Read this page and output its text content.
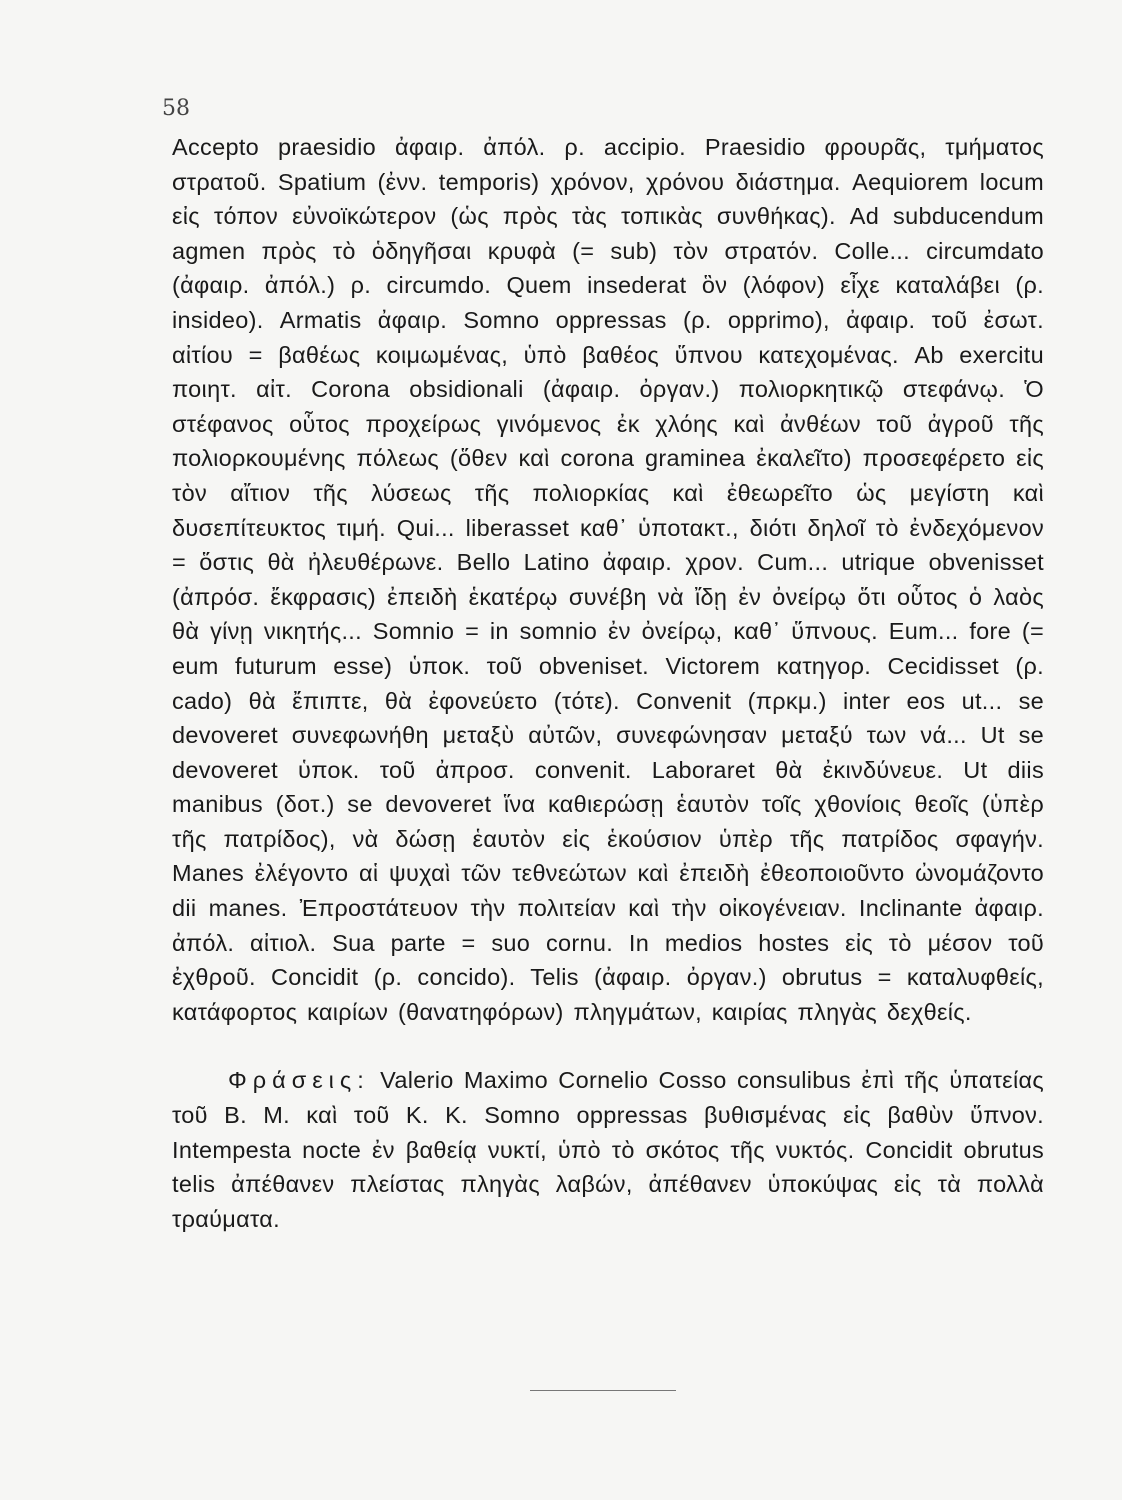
58

Accepto praesidio ἀφαιρ. ἀπόλ. ρ. accipio. Praesidio φρουρᾶς, τμήματος στρατοῦ. Spatium (ἐνν. temporis) χρόνον, χρόνου διάστημα. Aequiorem locum εἰς τόπον εὐνοϊκώτερον (ὡς πρὸς τὰς τοπικὰς συνθήκας). Ad subducendum agmen πρὸς τὸ ὁδηγῆσαι κρυφὰ (= sub) τὸν στρατόν. Colle... circumdato (ἀφαιρ. ἀπόλ.) ρ. circumdo. Quem insederat ὃν (λόφον) εἶχε καταλάβει (ρ. insideo). Armatis ἀφαιρ. Somno oppressas (ρ. opprimo), ἀφαιρ. τοῦ ἐσωτ. αἰτίου = βαθέως κοιμωμένας, ὑπὸ βαθέος ὕπνου κατεχομένας. Ab exercitu ποιητ. αἰτ. Corona obsidionali (ἀφαιρ. ὀργαν.) πολιορκητικῷ στεφάνῳ. Ὁ στέφανος οὗτος προχείρως γινόμενος ἐκ χλόης καὶ ἀνθέων τοῦ ἀγροῦ τῆς πολιορκουμένης πόλεως (ὅθεν καὶ corona graminea ἐκαλεῖτο) προσεφέρετο εἰς τὸν αἴτιον τῆς λύσεως τῆς πολιορκίας καὶ ἐθεωρεῖτο ὡς μεγίστη καὶ δυσεπίτευκτος τιμή. Qui... liberasset καθ᾿ ὑποτακτ., διότι δηλοῖ τὸ ἐνδεχόμενον = ὅστις θὰ ἠλευθέρωνε. Bello Latino ἀφαιρ. χρον. Cum... utrique obvenisset (ἀπρόσ. ἔκφρασις) ἐπειδὴ ἑκατέρῳ συνέβη νὰ ἴδῃ ἐν ὀνείρῳ ὅτι οὗτος ὁ λαὸς θὰ γίνῃ νικητής... Somnio = in somnio ἐν ὀνείρῳ, καθ᾿ ὕπνους. Eum... fore (= eum futurum esse) ὑποκ. τοῦ obveniset. Victorem κατηγορ. Cecidisset (ρ. cado) θὰ ἔπιπτε, θὰ ἐφονεύετο (τότε). Convenit (πρκμ.) inter eos ut... se devoveret συνεφωνήθη μεταξὺ αὐτῶν, συνεφώνησαν μεταξύ των νά... Ut se devoveret ὑποκ. τοῦ ἀπροσ. convenit. Laboraret θὰ ἐκινδύνευε. Ut diis manibus (δοτ.) se devoveret ἵνα καθιερώσῃ ἑαυτὸν τοῖς χθονίοις θεοῖς (ὑπὲρ τῆς πατρίδος), νὰ δώσῃ ἑαυτὸν εἰς ἑκούσιον ὑπὲρ τῆς πατρίδος σφαγήν. Manes ἐλέγοντο αἱ ψυχαὶ τῶν τεθνεώτων καὶ ἐπειδὴ ἐθεοποιοῦντο ὠνομάζοντο dii manes. Ἐπροστάτευον τὴν πολιτείαν καὶ τὴν οἰκογένειαν. Inclinante ἀφαιρ. ἀπόλ. αἰτιολ. Sua parte = suo cornu. In medios hostes εἰς τὸ μέσον τοῦ ἐχθροῦ. Concidit (ρ. concido). Telis (ἀφαιρ. ὀργαν.) obrutus = καταλυφθείς, κατάφορτος καιρίων (θανατηφόρων) πληγμάτων, καιρίας πληγὰς δεχθείς.

Φράσεις: Valerio Maximo Cornelio Cosso consulibus ἐπὶ τῆς ὑπατείας τοῦ Β. Μ. καὶ τοῦ Κ. Κ. Somno oppressas βυθισμένας εἰς βαθὺν ὕπνον. Intempesta nocte ἐν βαθείᾳ νυκτί, ὑπὸ τὸ σκότος τῆς νυκτός. Concidit obrutus telis ἀπέθανεν πλείστας πληγὰς λαβών, ἀπέθανεν ὑποκύψας εἰς τὰ πολλὰ τραύματα.
